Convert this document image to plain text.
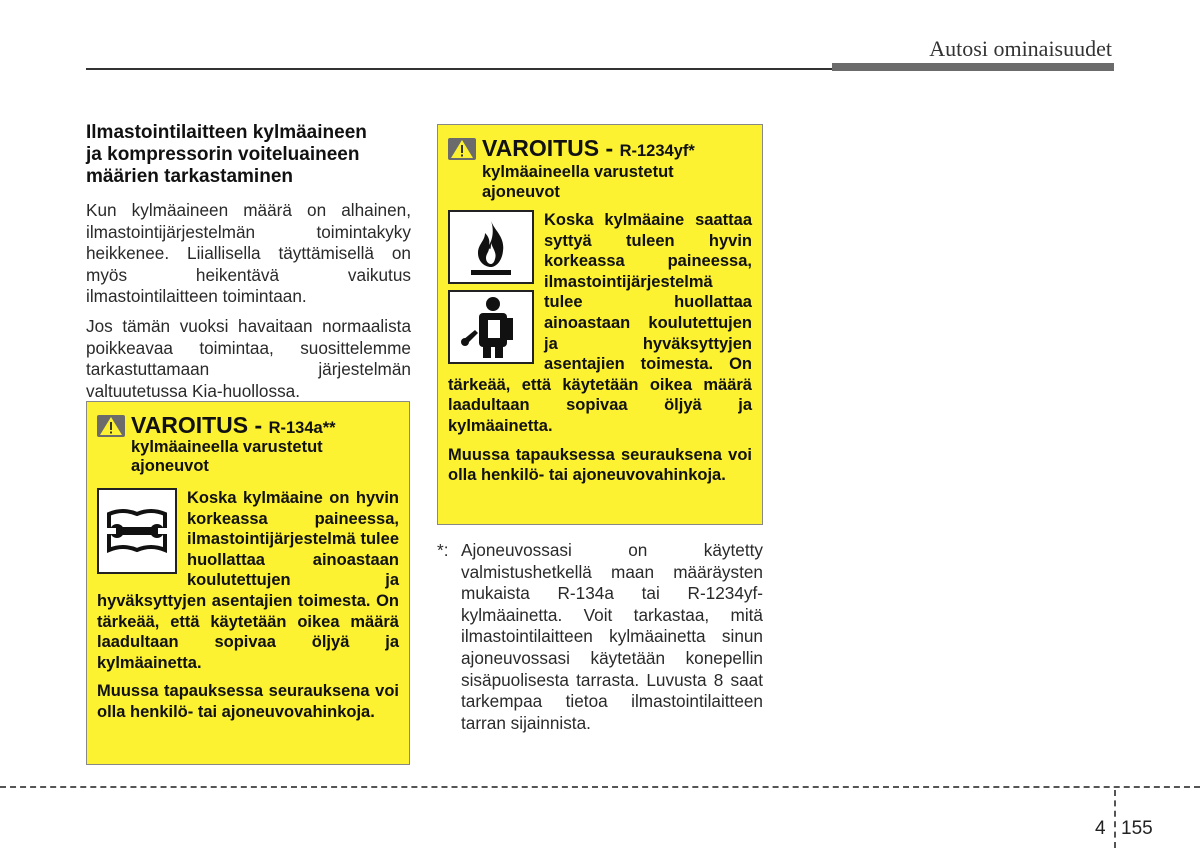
Autosi ominaisuudet
Ilmastointilaitteen kylmäaineen
ja kompressorin voiteluaineen
määrien tarkastaminen

Kun kylmäaineen määrä on alhainen, ilmastointijärjestelmän toimintakyky heikkenee. Liiallisella täyttämisellä on myös heikentävä vaikutus ilmastointilaitteen toimintaan.

Jos tämän vuoksi havaitaan normaalista poikkeavaa toimintaa, suosittelemme tarkastuttamaan järjestelmän valtuutetussa Kia-huollossa.

VAROITUS - R-134a** kylmäaineella varustetut ajoneuvot
Koska kylmäaine on hyvin korkeassa paineessa, ilmastointijärjestelmä tulee huollattaa ainoastaan koulutettujen ja hyväksyttyjen asentajien toimesta. On tärkeää, että käytetään oikea määrä laadultaan sopivaa öljyä ja kylmäainetta.
Muussa tapauksessa seurauksena voi olla henkilö- tai ajoneuvovahinkoja.
VAROITUS - R-1234yf*
kylmäaineella varustetut ajoneuvot
Koska kylmäaine saattaa syttyä tuleen hyvin korkeassa paineessa, ilmastointijärjestelmä tulee huollattaa ainoastaan koulutettujen ja hyväksyttyjen asentajien toimesta. On tärkeää, että käytetään oikea määrä laadultaan sopivaa öljyä ja kylmäainetta.
Muussa tapauksessa seurauksena voi olla henkilö- tai ajoneuvovahinkoja.
*: Ajoneuvossasi on käytetty valmistushetkellä maan määräysten mukaista R-134a tai R-1234yf-kylmäainetta. Voit tarkastaa, mitä ilmastointilaitteen kylmäainetta sinun ajoneuvossasi käytetään konepellin sisäpuolisesta tarrasta. Luvusta 8 saat tarkempaa tietoa ilmastointilaitteen tarran sijainnista.
4 155
